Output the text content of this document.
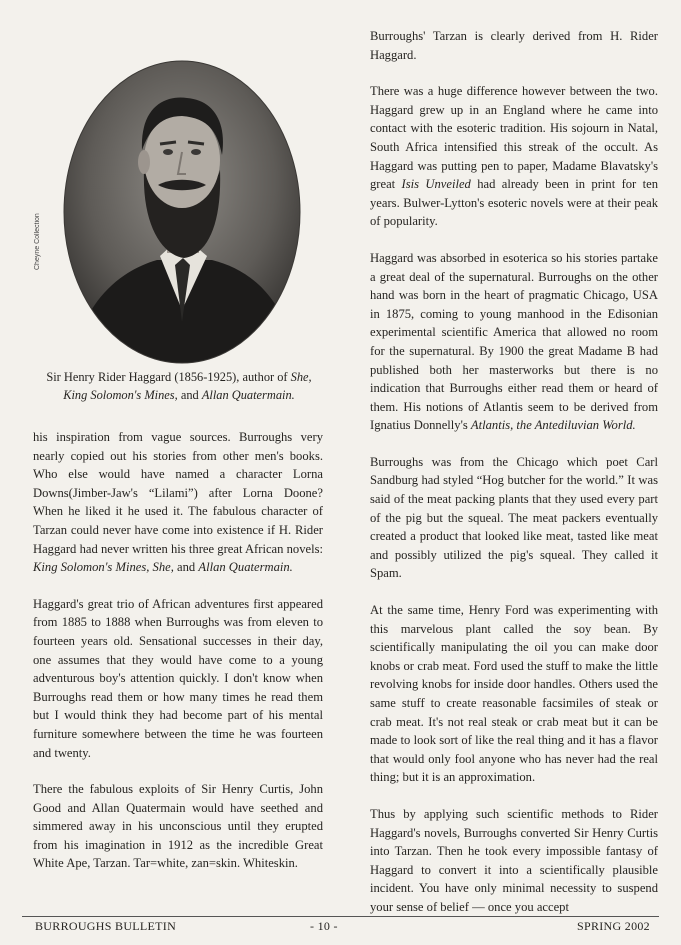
Cheyne Collection
Sir Henry Rider Haggard (1856-1925), author of She, King Solomon's Mines, and Allan Quatermain.

his inspiration from vague sources. Burroughs very nearly copied out his stories from other men's books. Who else would have named a character Lorna Downs(Jimber-Jaw's “Lilami”) after Lorna Doone? When he liked it he used it. The fabulous character of Tarzan could never have come into existence if H. Rider Haggard had never written his three great African novels: King Solomon's Mines, She, and Allan Quatermain.

Haggard's great trio of African adventures first appeared from 1885 to 1888 when Burroughs was from eleven to fourteen years old. Sensational successes in their day, one assumes that they would have come to a young adventurous boy's attention quickly. I don't know when Burroughs read them or how many times he read them but I would think they had become part of his mental furniture somewhere between the time he was fourteen and twenty.

There the fabulous exploits of Sir Henry Curtis, John Good and Allan Quatermain would have seethed and simmered away in his unconscious until they erupted from his imagination in 1912 as the incredible Great White Ape, Tarzan. Tar=white, zan=skin. Whiteskin.

Burroughs' Tarzan is clearly derived from H. Rider Haggard.

There was a huge difference however between the two. Haggard grew up in an England where he came into contact with the esoteric tradition. His sojourn in Natal, South Africa intensified this streak of the occult. As Haggard was putting pen to paper, Madame Blavatsky's great Isis Unveiled had already been in print for ten years. Bulwer-Lytton's esoteric novels were at their peak of popularity.

Haggard was absorbed in esoterica so his stories partake a great deal of the supernatural. Burroughs on the other hand was born in the heart of pragmatic Chicago, USA in 1875, coming to young manhood in the Edisonian experimental scientific America that allowed no room for the supernatural. By 1900 the great Madame B had published both her masterworks but there is no indication that Burroughs either read them or heard of them. His notions of Atlantis seem to be derived from Ignatius Donnelly's Atlantis, the Antediluvian World.

Burroughs was from the Chicago which poet Carl Sandburg had styled “Hog butcher for the world.” It was said of the meat packing plants that they used every part of the pig but the squeal. The meat packers eventually created a product that looked like meat, tasted like meat and possibly utilized the pig's squeal. They called it Spam.

At the same time, Henry Ford was experimenting with this marvelous plant called the soy bean. By scientifically manipulating the oil you can make door knobs or crab meat. Ford used the stuff to make the little revolving knobs for inside door handles. Others used the same stuff to create reasonable facsimiles of steak or crab meat. It's not real steak or crab meat but it can be made to look sort of like the real thing and it has a flavor that would only fool anyone who has never had the real thing; but it is an approximation.

Thus by applying such scientific methods to Rider Haggard's novels, Burroughs converted Sir Henry Curtis into Tarzan. Then he took every impossible fantasy of Haggard to convert it into a scientifically plausible incident. You have only minimal necessity to suspend your sense of belief — once you accept

BURROUGHS BULLETIN	- 10 -	SPRING 2002
